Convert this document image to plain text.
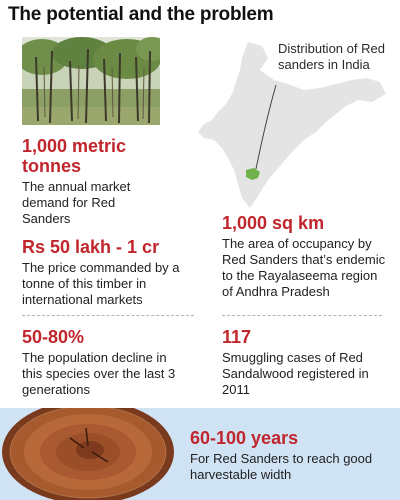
The potential and the problem
Distribution of Red sanders in India
1,000 metric tonnes
The annual market demand for Red Sanders	1,000 sq km
The area of occupancy by Red Sanders that’s endemic to the Rayalaseema region of Andhra Pradesh
Rs 50 lakh - 1 cr
The price commanded by a tonne of this timber in international markets
50-80%
The population decline in this species over the last 3 generations
117
Smuggling cases of Red Sandalwood registered in 2011
60-100 years
For Red Sanders to reach good harvestable width
